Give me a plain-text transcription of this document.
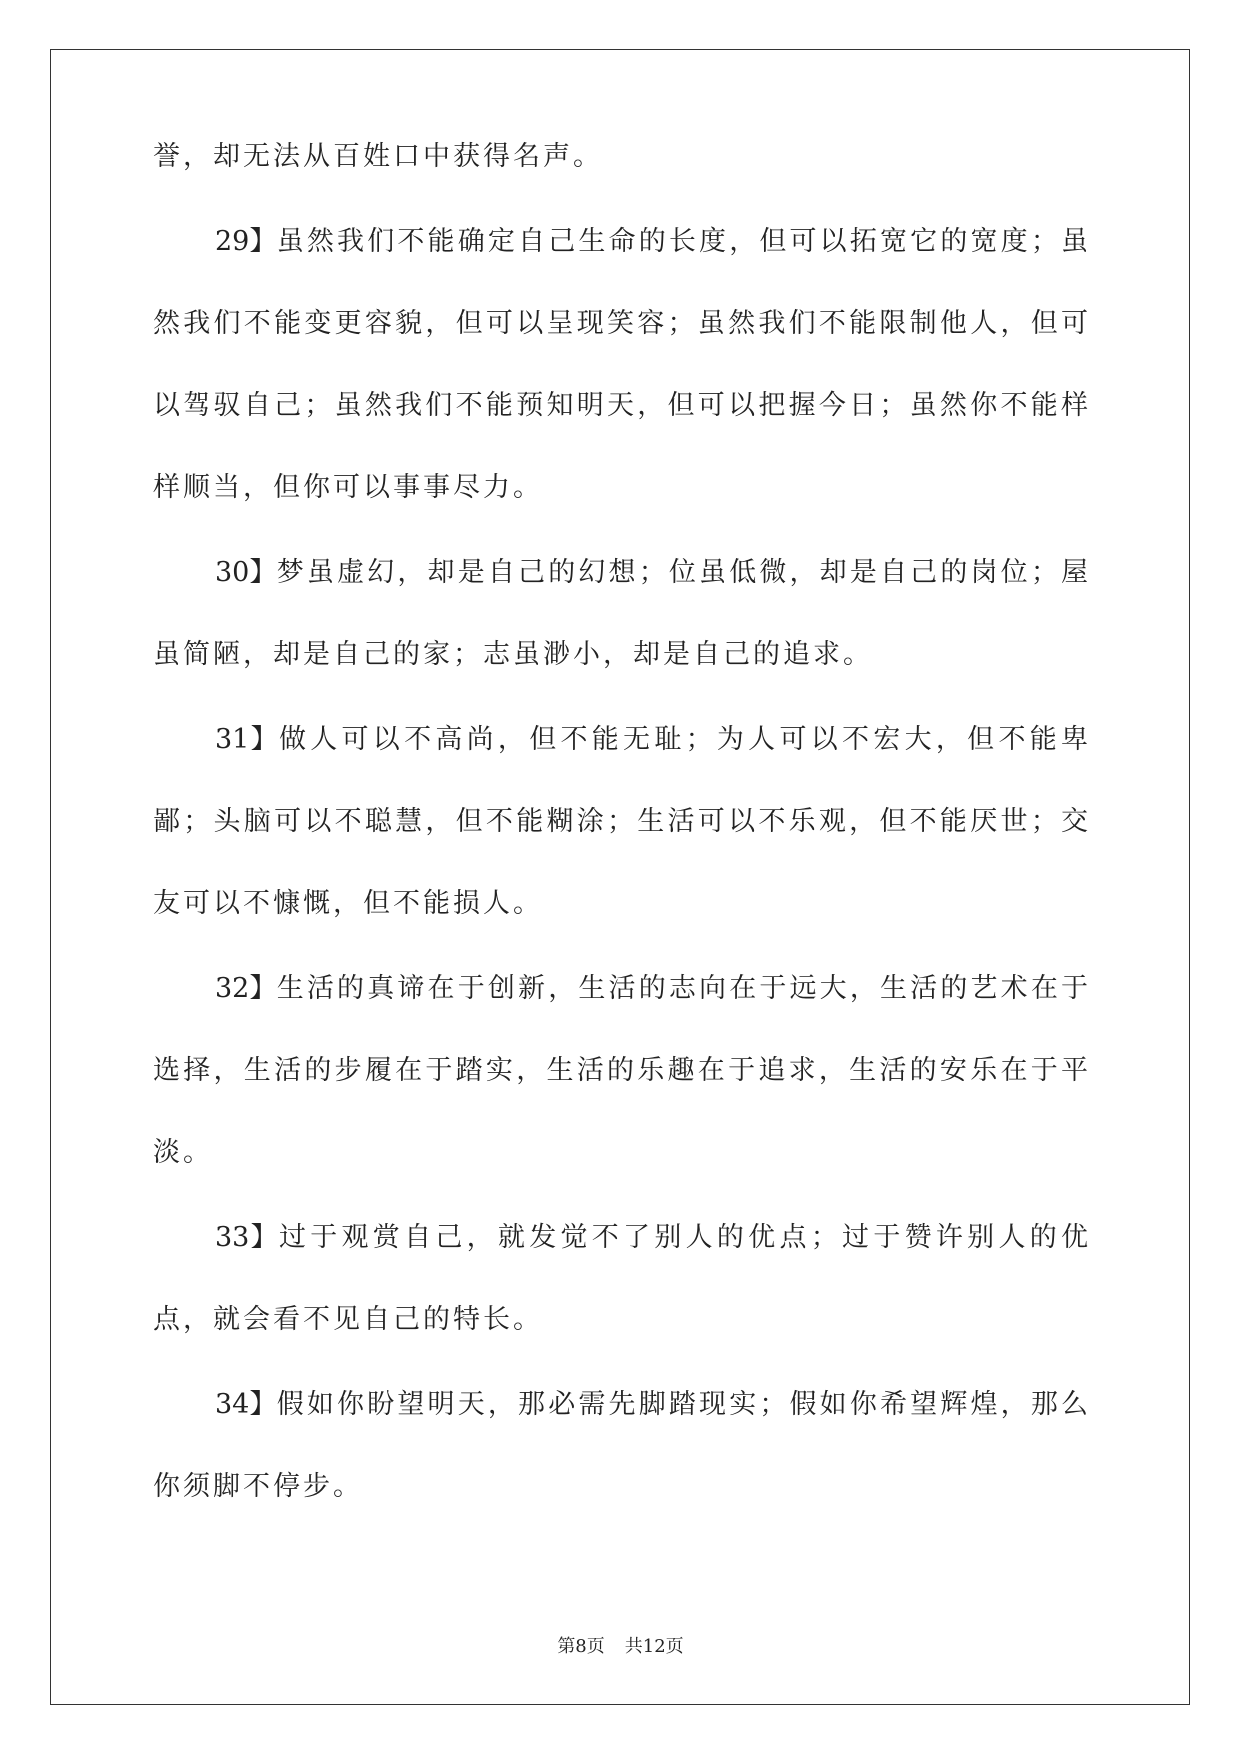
誉，却无法从百姓口中获得名声。

29】虽然我们不能确定自己生命的长度，但可以拓宽它的宽度；虽然我们不能变更容貌，但可以呈现笑容；虽然我们不能限制他人，但可以驾驭自己；虽然我们不能预知明天，但可以把握今日；虽然你不能样样顺当，但你可以事事尽力。

30】梦虽虚幻，却是自己的幻想；位虽低微，却是自己的岗位；屋虽简陋，却是自己的家；志虽渺小，却是自己的追求。

31】做人可以不高尚，但不能无耻；为人可以不宏大，但不能卑鄙；头脑可以不聪慧，但不能糊涂；生活可以不乐观，但不能厌世；交友可以不慷慨，但不能损人。

32】生活的真谛在于创新，生活的志向在于远大，生活的艺术在于选择，生活的步履在于踏实，生活的乐趣在于追求，生活的安乐在于平淡。

33】过于观赏自己，就发觉不了别人的优点；过于赞许别人的优点，就会看不见自己的特长。

34】假如你盼望明天，那必需先脚踏现实；假如你希望辉煌，那么你须脚不停步。

第8页 共12页
